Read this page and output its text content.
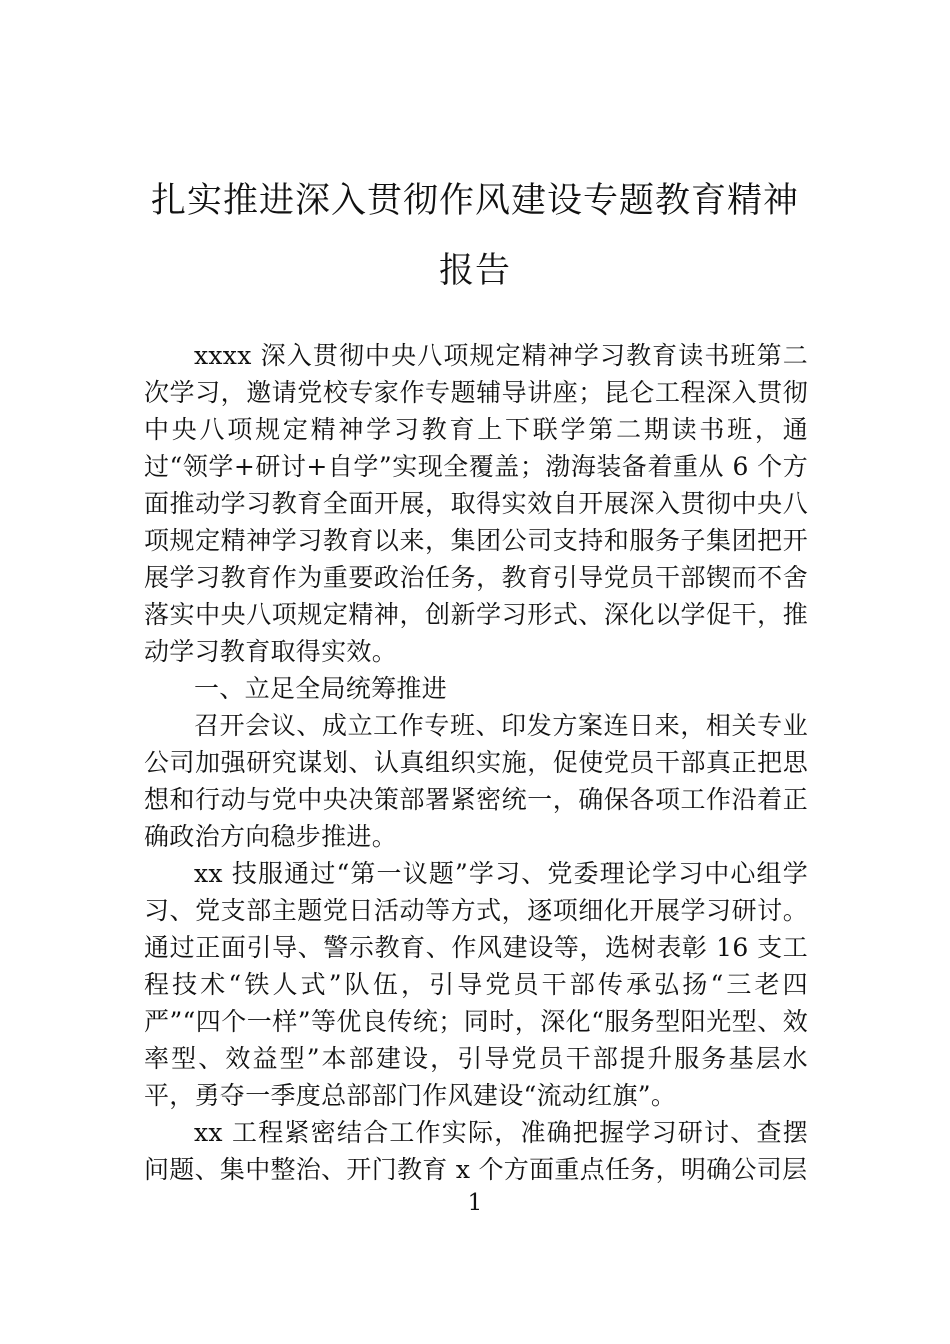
扎实推进深入贯彻作风建设专题教育精神
报告

xxxx 深入贯彻中央八项规定精神学习教育读书班第二次学习，邀请党校专家作专题辅导讲座；昆仑工程深入贯彻中央八项规定精神学习教育上下联学第二期读书班，通过“领学+研讨+自学”实现全覆盖；渤海装备着重从 6 个方面推动学习教育全面开展，取得实效自开展深入贯彻中央八项规定精神学习教育以来，集团公司支持和服务子集团把开展学习教育作为重要政治任务，教育引导党员干部锲而不舍落实中央八项规定精神，创新学习形式、深化以学促干，推动学习教育取得实效。

一、立足全局统筹推进

召开会议、成立工作专班、印发方案连日来，相关专业公司加强研究谋划、认真组织实施，促使党员干部真正把思想和行动与党中央决策部署紧密统一，确保各项工作沿着正确政治方向稳步推进。

xx 技服通过“第一议题”学习、党委理论学习中心组学习、党支部主题党日活动等方式，逐项细化开展学习研讨。通过正面引导、警示教育、作风建设等，选树表彰 16 支工程技术“铁人式”队伍，引导党员干部传承弘扬“三老四严”“四个一样”等优良传统；同时，深化“服务型阳光型、效率型、效益型”本部建设，引导党员干部提升服务基层水平，勇夺一季度总部部门作风建设“流动红旗”。

xx 工程紧密结合工作实际，准确把握学习研讨、查摆问题、集中整治、开门教育 x 个方面重点任务，明确公司层

1
